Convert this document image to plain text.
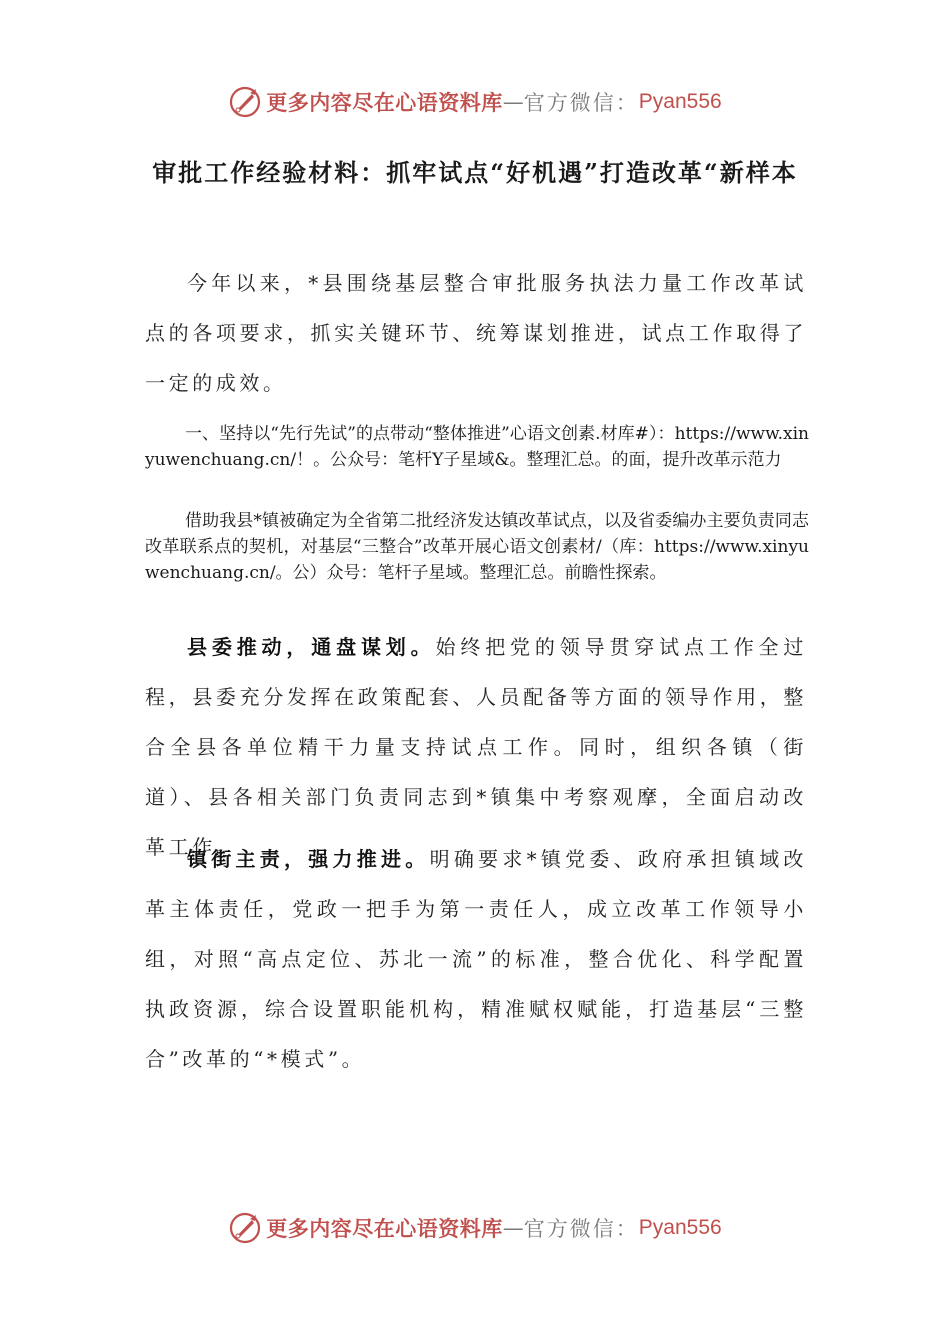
更多内容尽在心语资料库 — 官方微信： Pyan556
审批工作经验材料：抓牢试点“好机遇”打造改革“新样本

今年以来，*县围绕基层整合审批服务执法力量工作改革试点的各项要求，抓实关键环节、统筹谋划推进，试点工作取得了一定的成效。

一、坚持以“先行先试”的点带动“整体推进”心语文创素.材库#）：https://www.xinyuwenchuang.cn/！。公众号：笔杆Y子星域&。整理汇总。的面，提升改革示范力

借助我县*镇被确定为全省第二批经济发达镇改革试点，以及省委编办主要负责同志改革联系点的契机，对基层“三整合”改革开展心语文创素材/（库：https://www.xinyuwenchuang.cn/。公）众号：笔杆子星域。整理汇总。前瞻性探索。

县委推动，通盘谋划。始终把党的领导贯穿试点工作全过程，县委充分发挥在政策配套、人员配备等方面的领导作用，整合全县各单位精干力量支持试点工作。同时，组织各镇（街道）、县各相关部门负责同志到*镇集中考察观摩，全面启动改革工作。

镇街主责，强力推进。明确要求*镇党委、政府承担镇域改革主体责任，党政一把手为第一责任人，成立改革工作领导小组，对照“高点定位、苏北一流”的标准，整合优化、科学配置执政资源，综合设置职能机构，精准赋权赋能，打造基层“三整合”改革的“*模式”。

更多内容尽在心语资料库 — 官方微信： Pyan556
